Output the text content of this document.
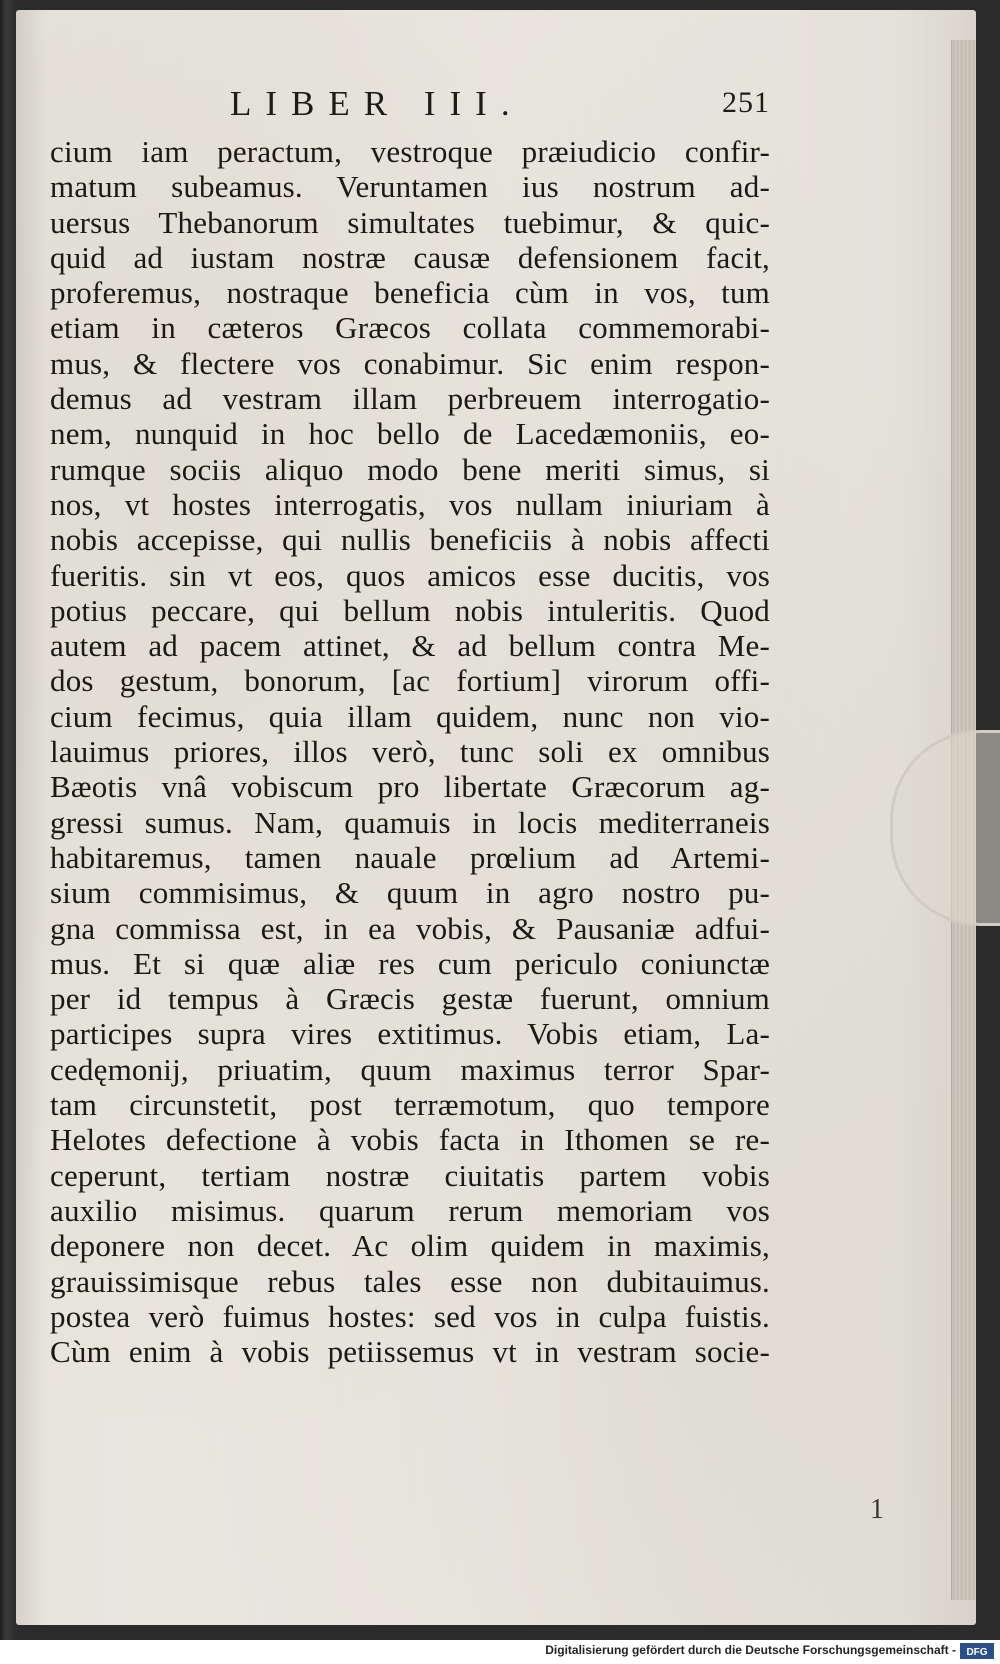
LIBER III.	251
cium iam peractum, vestroque præiudicio confir-
matum subeamus. Veruntamen ius nostrum ad-
uersus Thebanorum simultates tuebimur, & quic-
quid ad iustam nostræ causæ defensionem facit,
proferemus, nostraque beneficia cùm in vos, tum
etiam in cæteros Græcos collata commemorabi-
mus, & flectere vos conabimur. Sic enim respon-
demus ad vestram illam perbreuem interrogatio-
nem, nunquid in hoc bello de Lacedæmoniis, eo-
rumque sociis aliquo modo bene meriti simus, si
nos, vt hostes interrogatis, vos nullam iniuriam à
nobis accepisse, qui nullis beneficiis à nobis affecti
fueritis. sin vt eos, quos amicos esse ducitis, vos
potius peccare, qui bellum nobis intuleritis. Quod
autem ad pacem attinet, & ad bellum contra Me-
dos gestum, bonorum, [ac fortium] virorum offi-
cium fecimus, quia illam quidem, nunc non vio-
lauimus priores, illos verò, tunc soli ex omnibus
Bæotis vnâ vobiscum pro libertate Græcorum ag-
gressi sumus. Nam, quamuis in locis mediterraneis
habitaremus, tamen nauale prœlium ad Artemi-
sium commisimus, & quum in agro nostro pu-
gna commissa est, in ea vobis, & Pausaniæ adfui-
mus. Et si quæ aliæ res cum periculo coniunctæ
per id tempus à Græcis gestæ fuerunt, omnium
participes supra vires extitimus. Vobis etiam, La-
cedęmonij, priuatim, quum maximus terror Spar-
tam circunstetit, post terræmotum, quo tempore
Helotes defectione à vobis facta in Ithomen se re-
ceperunt, tertiam nostræ ciuitatis partem vobis
auxilio misimus. quarum rerum memoriam vos
deponere non decet. Ac olim quidem in maximis,
grauissimisque rebus tales esse non dubitauimus.
postea verò fuimus hostes: sed vos in culpa fuistis.
Cùm enim à vobis petiissemus vt in vestram socie-
1
Digitalisierung gefördert durch die Deutsche Forschungsgemeinschaft - DFG
